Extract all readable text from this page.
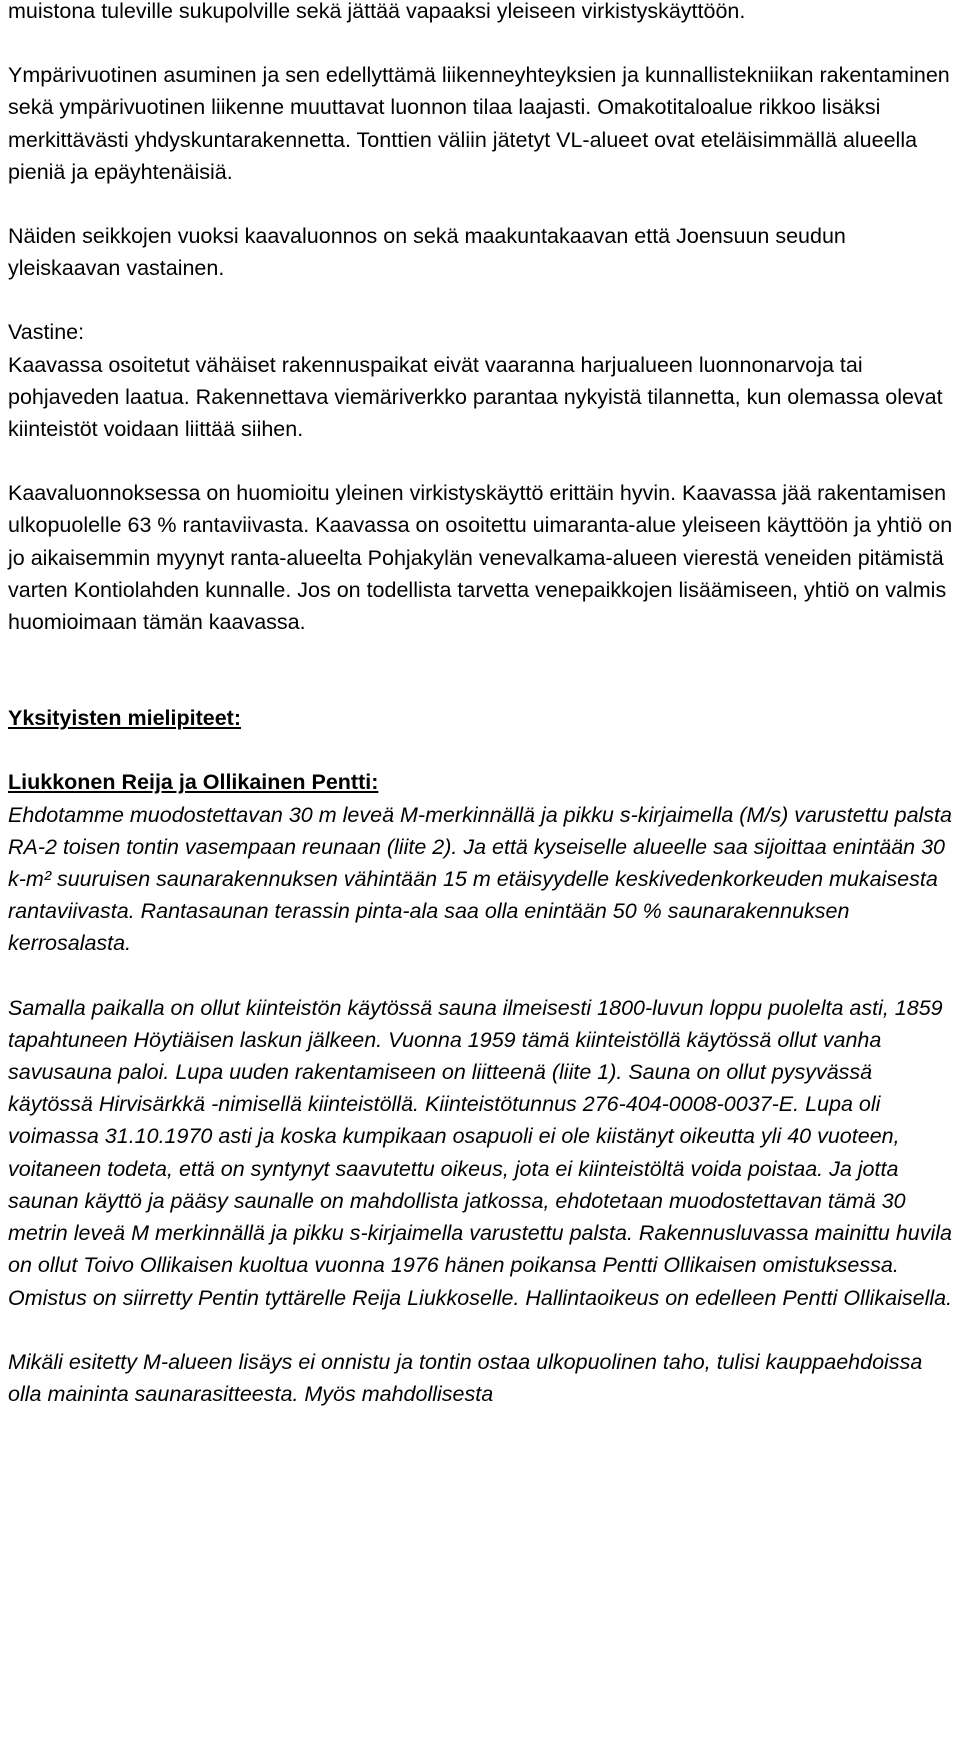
muistona tuleville sukupolville sekä jättää vapaaksi yleiseen virkistyskäyttöön.

Ympärivuotinen asuminen ja sen edellyttämä liikenneyhteyksien ja kunnallistekniikan rakentaminen sekä ympärivuotinen liikenne muuttavat luonnon tilaa laajasti. Omakotitaloalue rikkoo lisäksi merkittävästi yhdyskuntarakennetta. Tonttien väliin jätetyt VL-alueet ovat eteläisimmällä alueella pieniä ja epäyhtenäisiä.

Näiden seikkojen vuoksi kaavaluonnos on sekä maakuntakaavan että Joensuun seudun yleiskaavan vastainen.

Vastine:

Kaavassa osoitetut vähäiset rakennuspaikat eivät vaaranna harjualueen luonnonarvoja tai pohjaveden laatua. Rakennettava viemäriverkko parantaa nykyistä tilannetta, kun olemassa olevat kiinteistöt voidaan liittää siihen.

Kaavaluonnoksessa on huomioitu yleinen virkistyskäyttö erittäin hyvin. Kaavassa jää rakentamisen ulkopuolelle 63 % rantaviivasta. Kaavassa on osoitettu uimaranta-alue yleiseen käyttöön ja yhtiö on jo aikaisemmin myynyt ranta-alueelta Pohjakylän venevalkama-alueen vierestä veneiden pitämistä varten Kontiolahden kunnalle. Jos on todellista tarvetta venepaikkojen lisäämiseen, yhtiö on valmis huomioimaan tämän kaavassa.

Yksityisten mielipiteet:

Liukkonen Reija ja Ollikainen Pentti:

Ehdotamme muodostettavan 30 m leveä M-merkinnällä ja pikku s-kirjaimella (M/s) varustettu palsta RA-2 toisen tontin vasempaan reunaan (liite 2). Ja että kyseiselle alueelle saa sijoittaa enintään 30 k-m² suuruisen saunarakennuksen vähintään 15 m etäisyydelle keskivedenkorkeuden mukaisesta rantaviivasta. Rantasaunan terassin pinta-ala saa olla enintään 50 % saunarakennuksen kerrosalasta.

Samalla paikalla on ollut kiinteistön käytössä sauna ilmeisesti 1800-luvun loppu puolelta asti, 1859 tapahtuneen Höytiäisen laskun jälkeen. Vuonna 1959 tämä kiinteistöllä käytössä ollut vanha savusauna paloi. Lupa uuden rakentamiseen on liitteenä (liite 1). Sauna on ollut pysyvässä käytössä Hirvisärkkä -nimisellä kiinteistöllä. Kiinteistötunnus 276-404-0008-0037-E. Lupa oli voimassa 31.10.1970 asti ja koska kumpikaan osapuoli ei ole kiistänyt oikeutta yli 40 vuoteen, voitaneen todeta, että on syntynyt saavutettu oikeus, jota ei kiinteistöltä voida poistaa. Ja jotta saunan käyttö ja pääsy saunalle on mahdollista jatkossa, ehdotetaan muodostettavan tämä 30 metrin leveä M merkinnällä ja pikku s-kirjaimella varustettu palsta. Rakennusluvassa mainittu huvila on ollut Toivo Ollikaisen kuoltua vuonna 1976 hänen poikansa Pentti Ollikaisen omistuksessa. Omistus on siirretty Pentin tyttärelle Reija Liukkoselle. Hallintaoikeus on edelleen Pentti Ollikaisella.

Mikäli esitetty M-alueen lisäys ei onnistu ja tontin ostaa ulkopuolinen taho, tulisi kauppaehdoissa olla maininta saunarasitteesta. Myös mahdollisesta
